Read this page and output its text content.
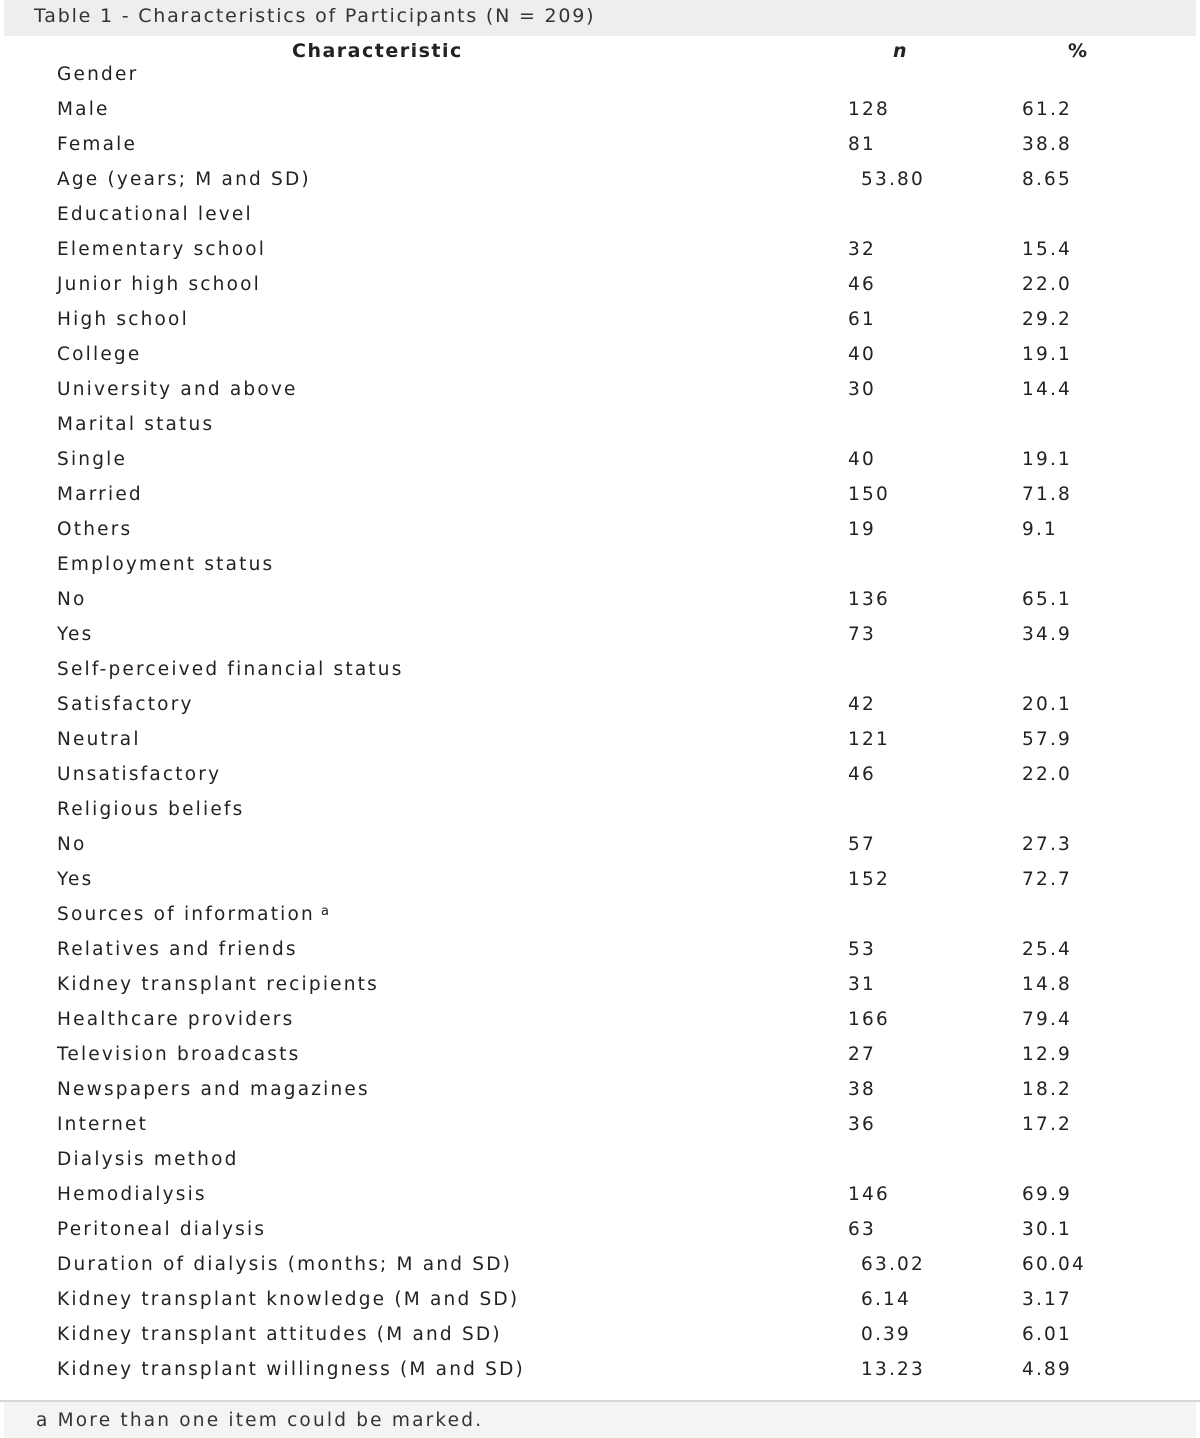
Table 1 - Characteristics of Participants (N = 209)
Characteristic	n	%
Gender
Male	128	61.2
Female	81	38.8
Age (years; M and SD)	53.80	8.65
Educational level
Elementary school	32	15.4
Junior high school	46	22.0
High school	61	29.2
College	40	19.1
University and above	30	14.4
Marital status
Single	40	19.1
Married	150	71.8
Others	19	9.1
Employment status
No	136	65.1
Yes	73	34.9
Self-perceived financial status
Satisfactory	42	20.1
Neutral	121	57.9
Unsatisfactory	46	22.0
Religious beliefs
No	57	27.3
Yes	152	72.7
Sources of information $^a$
Relatives and friends	53	25.4
Kidney transplant recipients	31	14.8
Healthcare providers	166	79.4
Television broadcasts	27	12.9
Newspapers and magazines	38	18.2
Internet	36	17.2
Dialysis method
Hemodialysis	146	69.9
Peritoneal dialysis	63	30.1
Duration of dialysis (months; M and SD)	63.02	60.04
Kidney transplant knowledge (M and SD)	6.14	3.17
Kidney transplant attitudes (M and SD)	0.39	6.01
Kidney transplant willingness (M and SD)	13.23	4.89
a More than one item could be marked.
